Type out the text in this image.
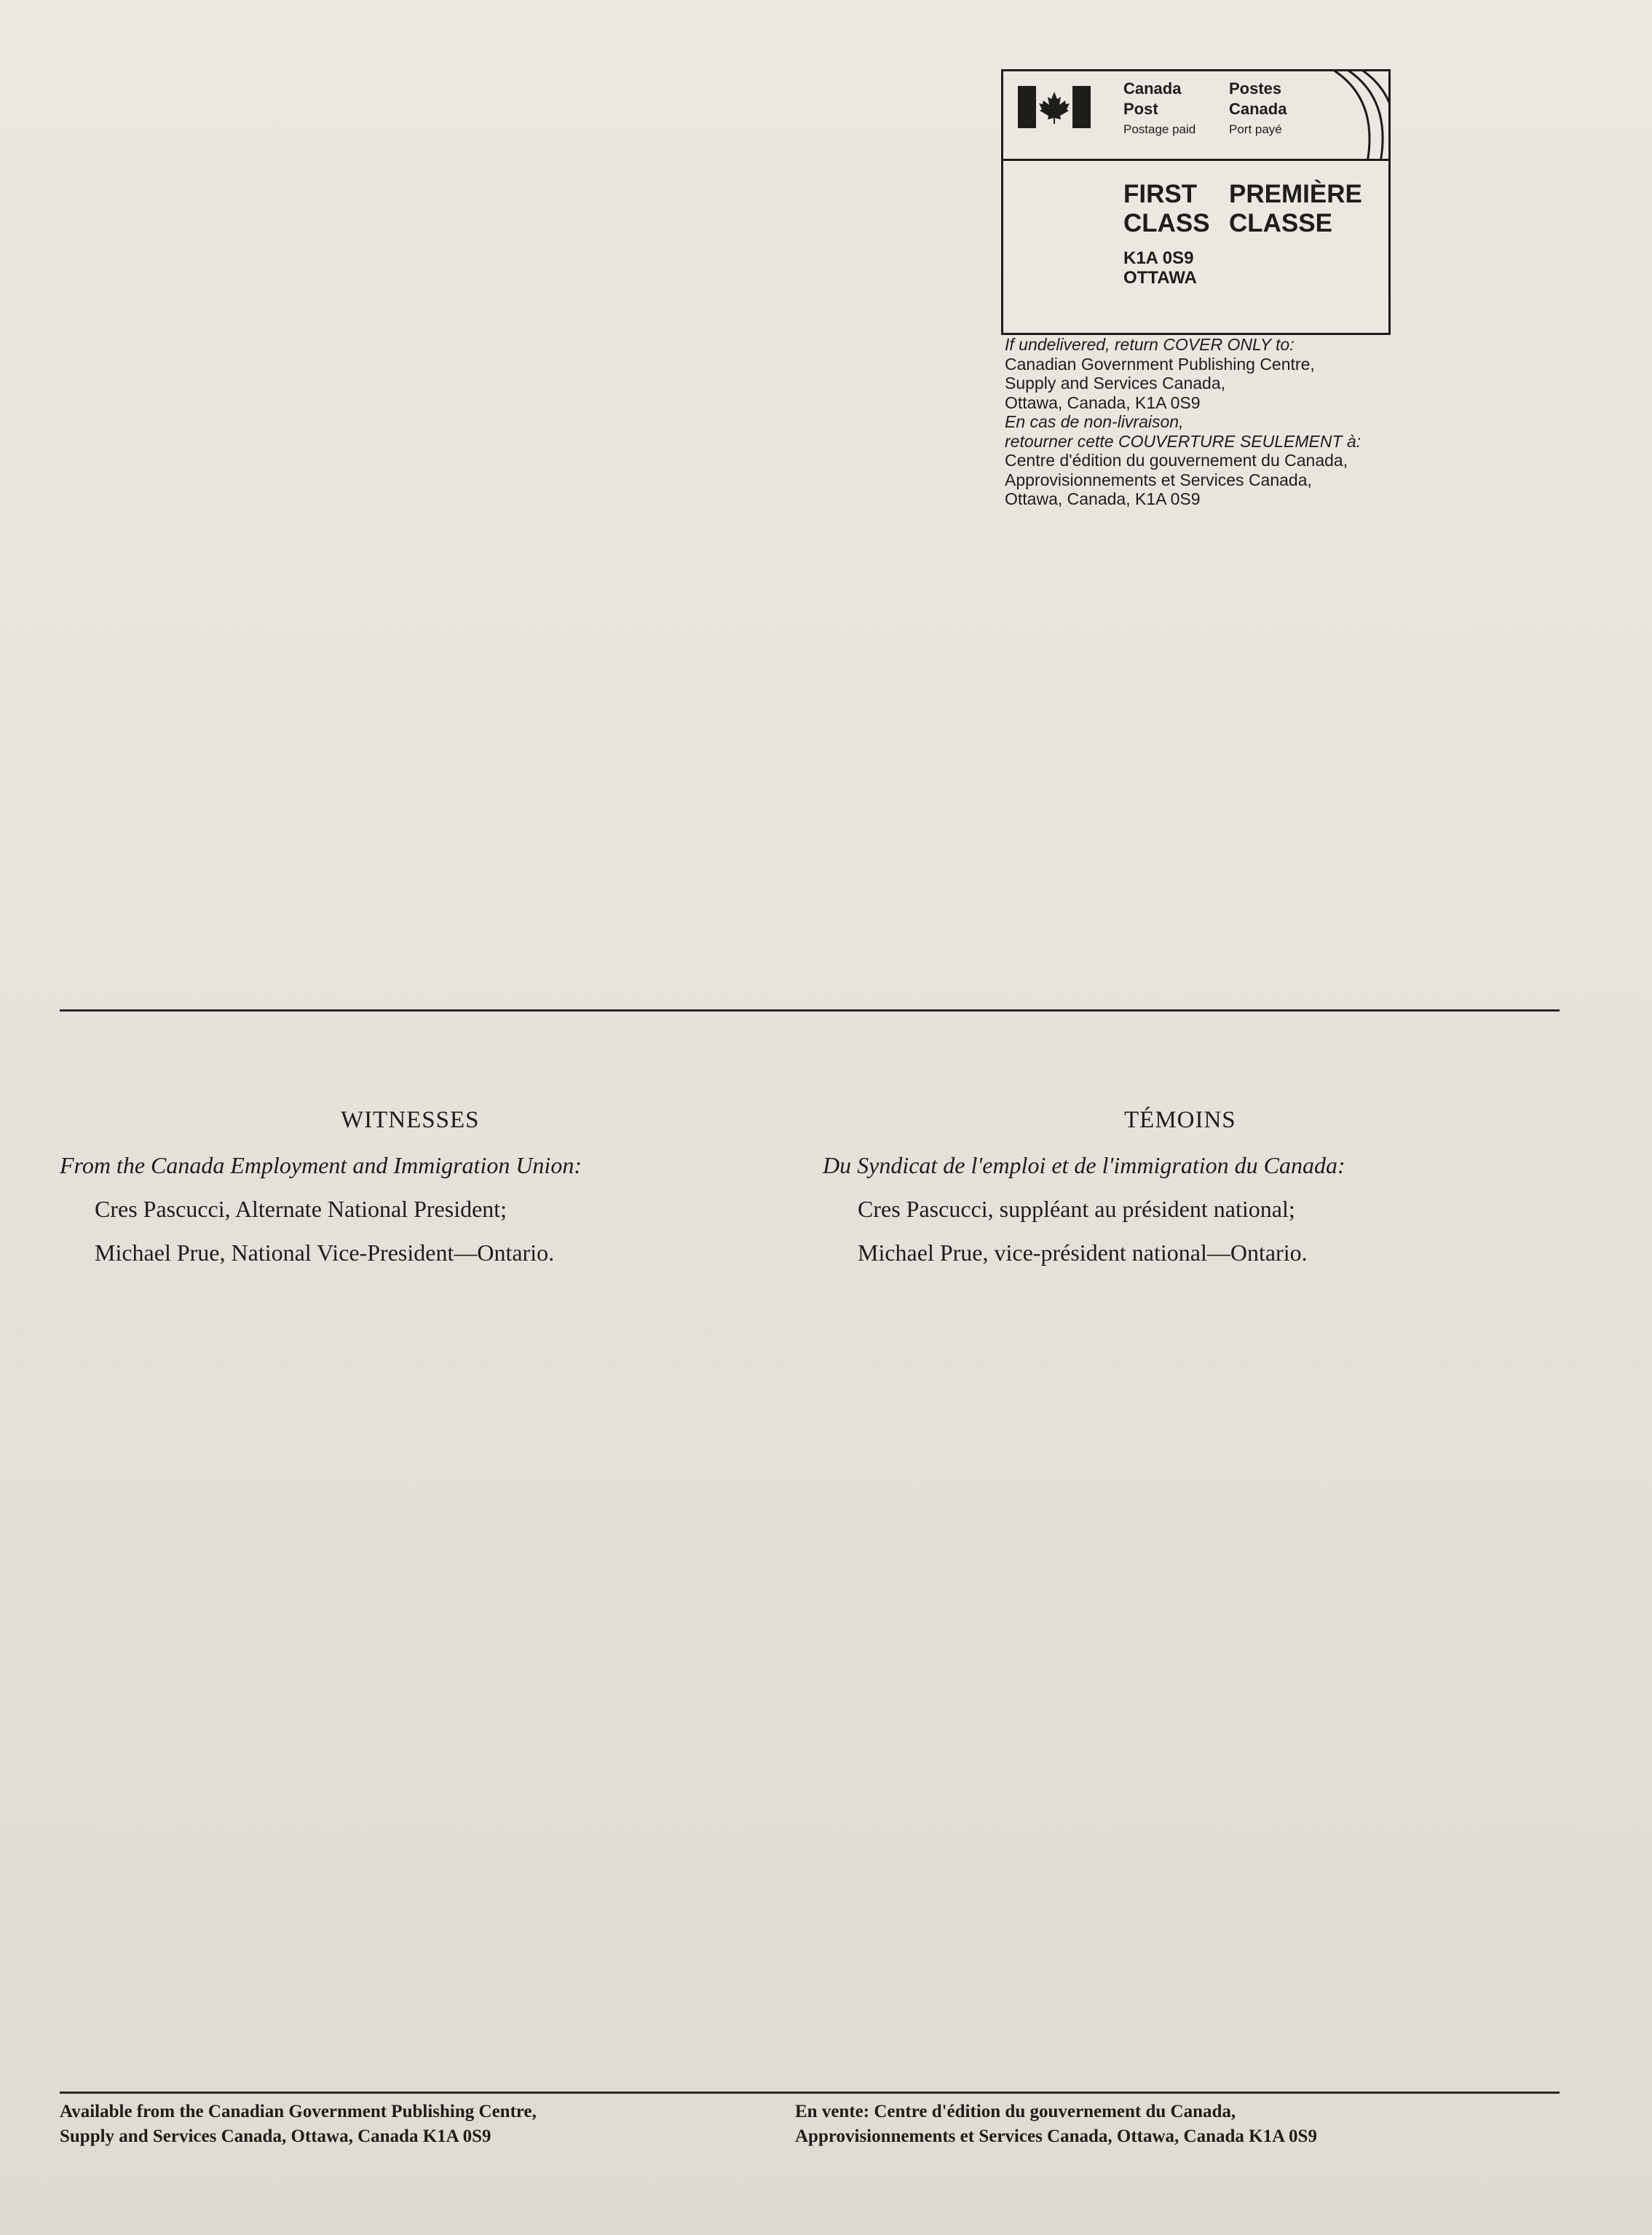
Canada
Post
Postage paid
Postes
Canada
Port payé
FIRST PREMIÈRE
CLASS CLASSE
K1A 0S9
OTTAWA
If undelivered, return COVER ONLY to:
Canadian Government Publishing Centre,
Supply and Services Canada,
Ottawa, Canada, K1A 0S9
En cas de non-livraison,
retourner cette COUVERTURE SEULEMENT à:
Centre d'édition du gouvernement du Canada,
Approvisionnements et Services Canada,
Ottawa, Canada, K1A 0S9
WITNESSES	TÉMOINS
From the Canada Employment and Immigration Union:	Du Syndicat de l'emploi et de l'immigration du Canada:
Cres Pascucci, Alternate National President;
Michael Prue, National Vice-President—Ontario.
Cres Pascucci, suppléant au président national;
Michael Prue, vice-président national—Ontario.
Available from the Canadian Government Publishing Centre,
Supply and Services Canada, Ottawa, Canada K1A 0S9
En vente: Centre d'édition du gouvernement du Canada,
Approvisionnements et Services Canada, Ottawa, Canada K1A 0S9
